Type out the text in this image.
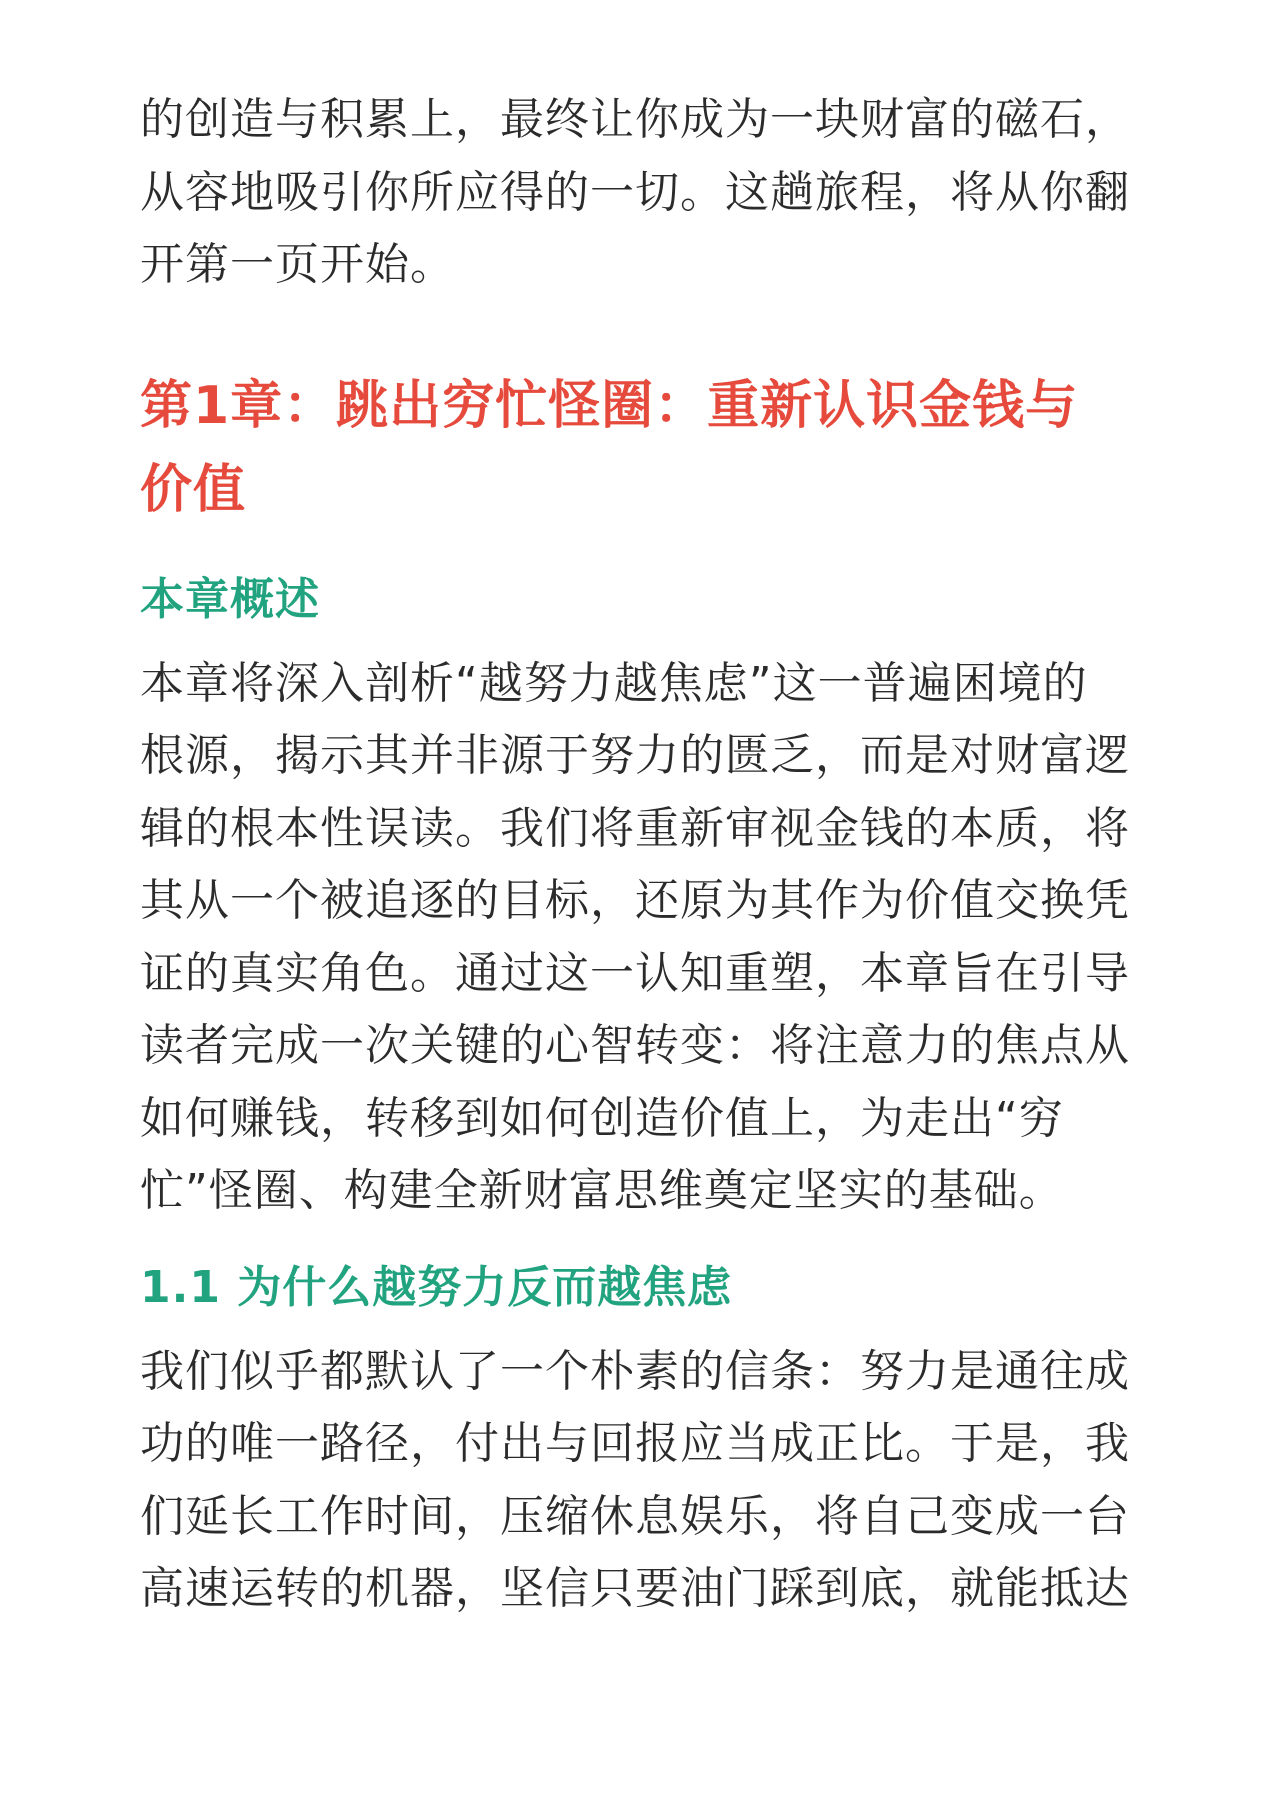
的创造与积累上，最终让你成为一块财富的磁石，
从容地吸引你所应得的一切。这趟旅程，将从你翻
开第一页开始。

第1章：跳出穷忙怪圈：重新认识金钱与
价值
本章概述

本章将深入剖析“越努力越焦虑”这一普遍困境的
根源，揭示其并非源于努力的匮乏，而是对财富逻
辑的根本性误读。我们将重新审视金钱的本质，将
其从一个被追逐的目标，还原为其作为价值交换凭
证的真实角色。通过这一认知重塑，本章旨在引导
读者完成一次关键的心智转变：将注意力的焦点从
如何赚钱，转移到如何创造价值上，为走出“穷
忙”怪圈、构建全新财富思维奠定坚实的基础。

1.1 为什么越努力反而越焦虑

我们似乎都默认了一个朴素的信条：努力是通往成
功的唯一路径，付出与回报应当成正比。于是，我
们延长工作时间，压缩休息娱乐，将自己变成一台
高速运转的机器，坚信只要油门踩到底，就能抵达
